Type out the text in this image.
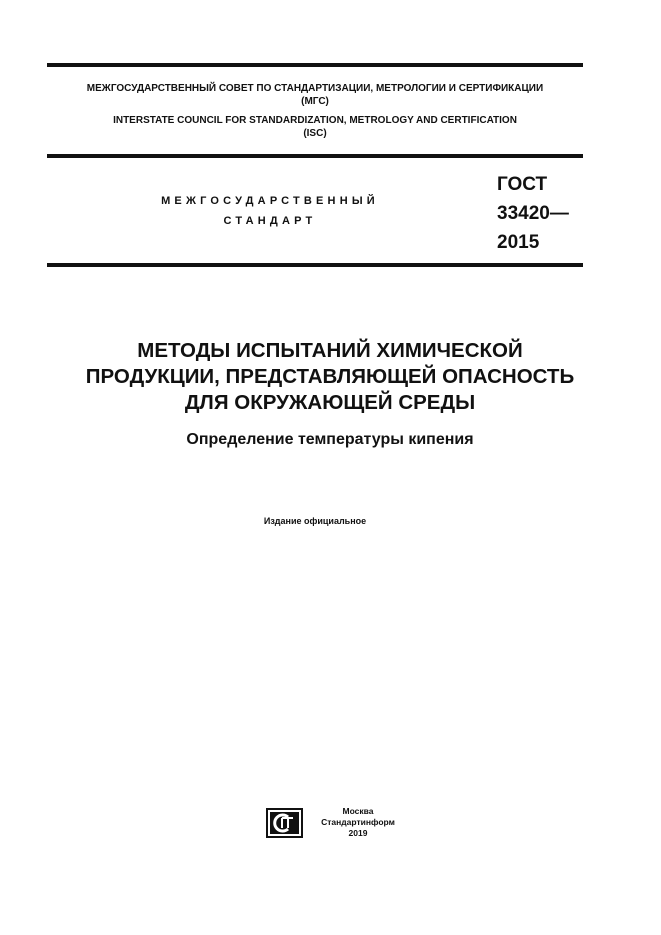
МЕЖГОСУДАРСТВЕННЫЙ СОВЕТ ПО СТАНДАРТИЗАЦИИ, МЕТРОЛОГИИ И СЕРТИФИКАЦИИ
(МГС)
INTERSTATE COUNCIL FOR STANDARDIZATION, METROLOGY AND CERTIFICATION
(ISC)
МЕЖГОСУДАРСТВЕННЫЙ
СТАНДАРТ
ГОСТ
33420—
2015
МЕТОДЫ ИСПЫТАНИЙ ХИМИЧЕСКОЙ
ПРОДУКЦИИ, ПРЕДСТАВЛЯЮЩЕЙ ОПАСНОСТЬ
ДЛЯ ОКРУЖАЮЩЕЙ СРЕДЫ
Определение температуры кипения
Издание официальное
Москва
Стандартинформ
2019
